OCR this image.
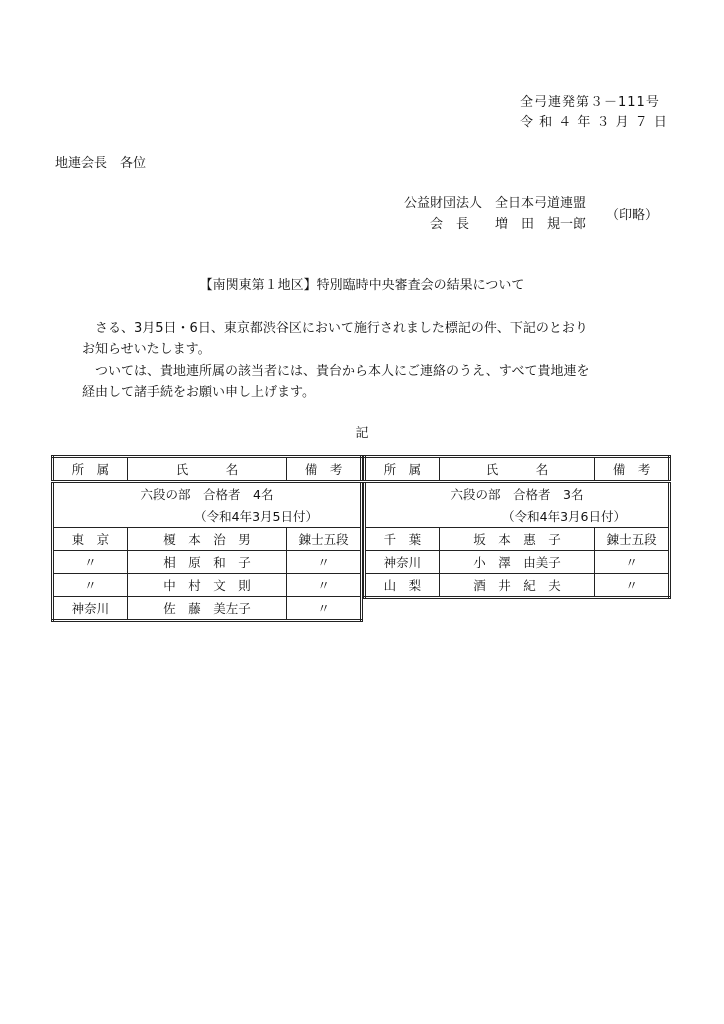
全弓連発第３－111号
令 和 ４ 年 ３ 月 ７ 日
地連会長　各位
公益財団法人　全日本弓道連盟
会　長　　増　田　規一郎
（印略）
【南関東第１地区】特別臨時中央審査会の結果について
　さる、3月5日・6日、東京都渋谷区において施行されました標記の件、下記のとおり
お知らせいたします。
　ついては、貴地連所属の該当者には、貴台から本人にご連絡のうえ、すべて貴地連を
経由して諸手続をお願い申し上げます。
記
所　属	氏　　　名	備　考
六段の部　合格者　4名		
（令和4年3月5日付）		
東　京	榎　本　治　男	錬士五段
〃	相　原　和　子	〃
〃	中　村　文　則	〃
神奈川	佐　藤　美左子	〃
所　属	氏　　　名	備　考
六段の部　合格者　3名		
（令和4年3月6日付）		
千　葉	坂　本　惠　子	錬士五段
神奈川	小　澤　由美子	〃
山　梨	酒　井　紀　夫	〃
